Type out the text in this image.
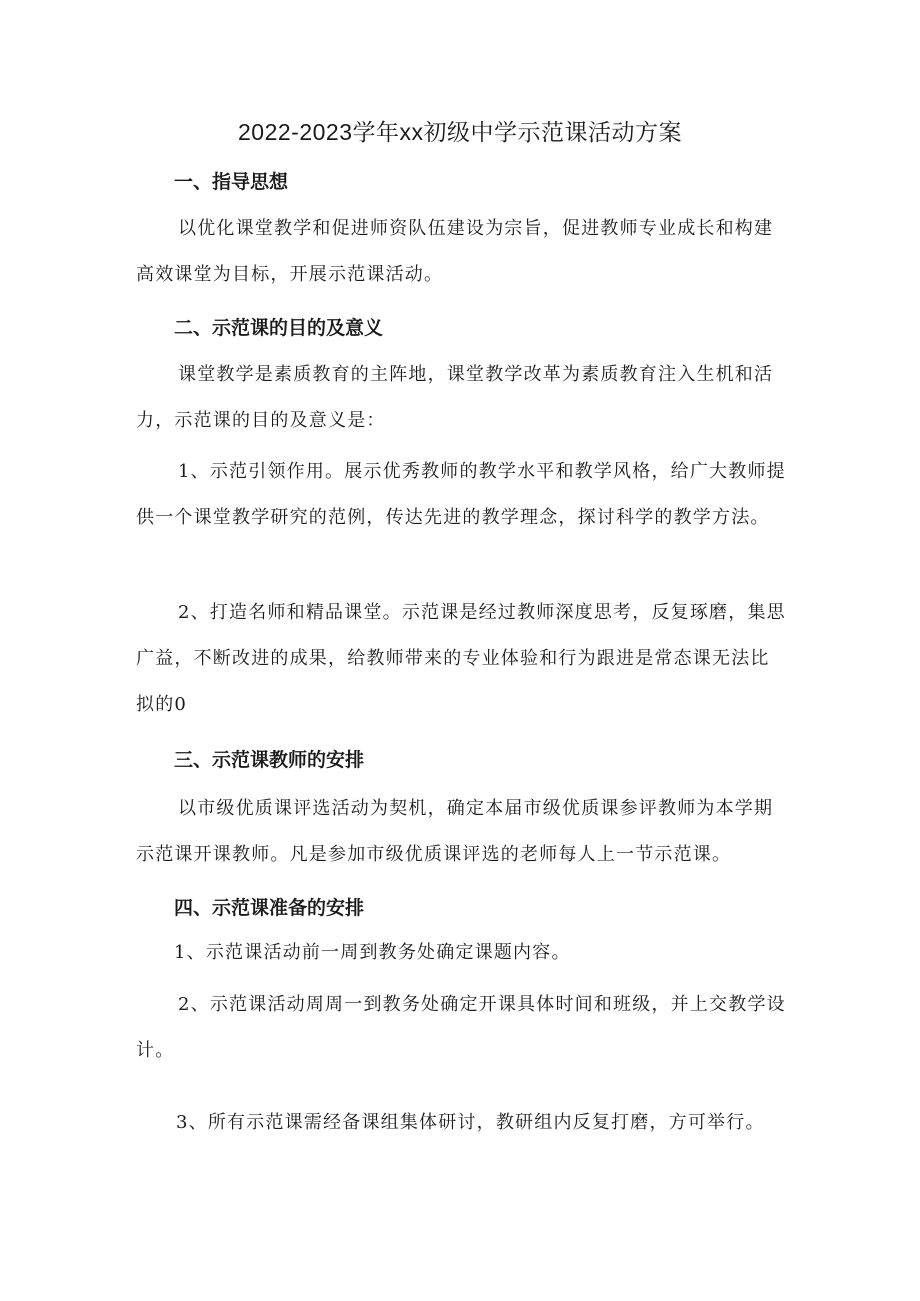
2022-2023学年xx初级中学示范课活动方案
一、指导思想
以优化课堂教学和促进师资队伍建设为宗旨，促进教师专业成长和构建高效课堂为目标，开展示范课活动。
二、示范课的目的及意义
课堂教学是素质教育的主阵地，课堂教学改革为素质教育注入生机和活力，示范课的目的及意义是：
1、示范引领作用。展示优秀教师的教学水平和教学风格，给广大教师提供一个课堂教学研究的范例，传达先进的教学理念，探讨科学的教学方法。
2、打造名师和精品课堂。示范课是经过教师深度思考，反复琢磨，集思广益，不断改进的成果，给教师带来的专业体验和行为跟进是常态课无法比拟的0
三、示范课教师的安排
以市级优质课评选活动为契机，确定本届市级优质课参评教师为本学期示范课开课教师。凡是参加市级优质课评选的老师每人上一节示范课。
四、示范课准备的安排
1、示范课活动前一周到教务处确定课题内容。
2、示范课活动周周一到教务处确定开课具体时间和班级，并上交教学设计。
3、所有示范课需经备课组集体研讨，教研组内反复打磨，方可举行。
